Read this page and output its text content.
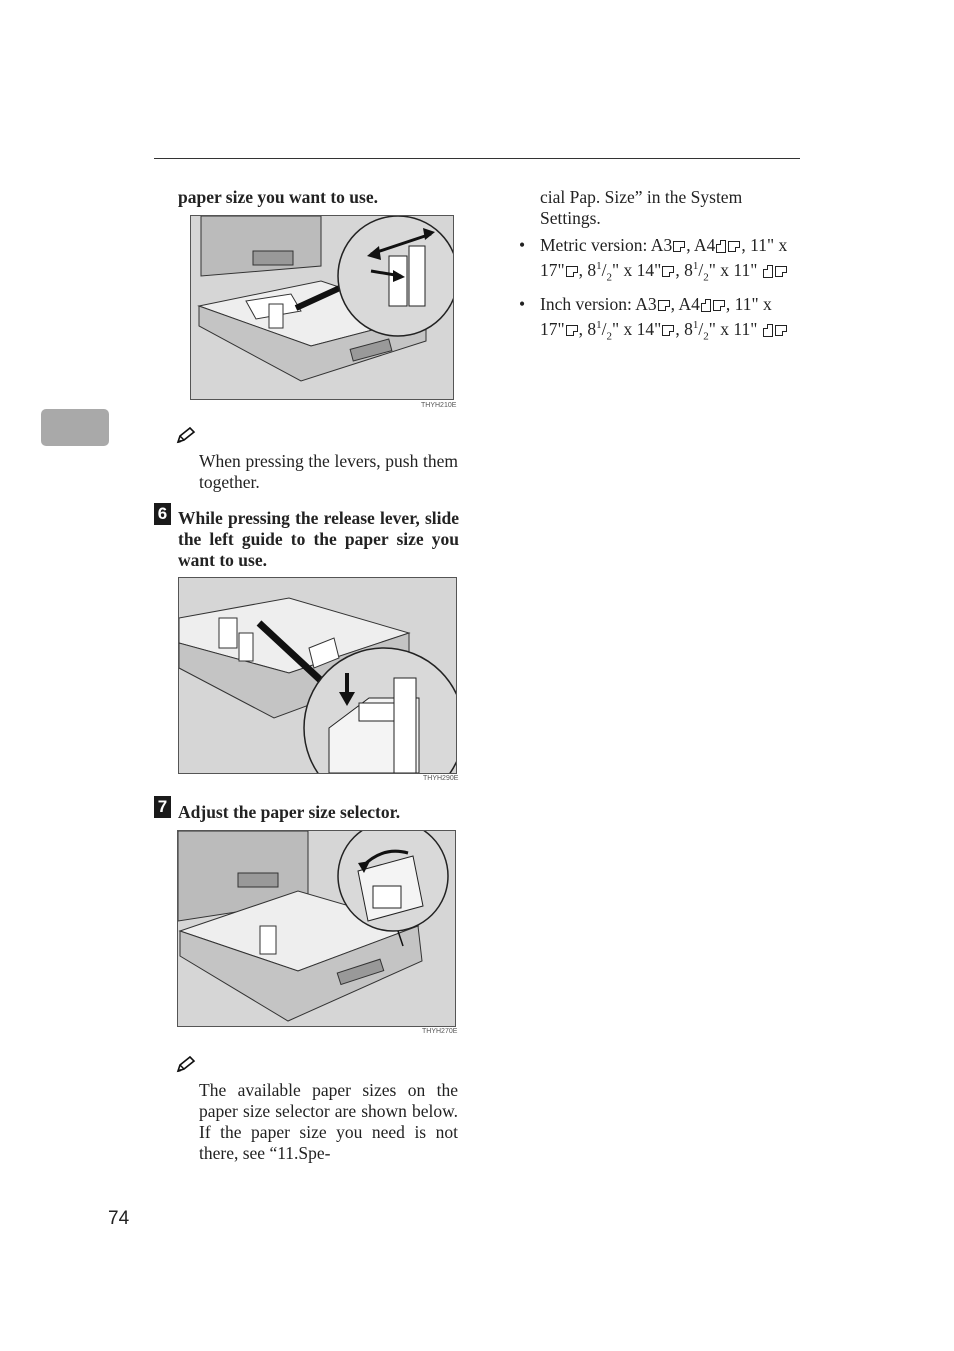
paper size you want to use.
THYH210E
When pressing the levers, push them together.
6 While pressing the release lever, slide the left guide to the paper size you want to use.
THYH290E
7 Adjust the paper size selector.
THYH270E
The available paper sizes on the paper size selector are shown below. If the paper size you need is not there, see “11.Spe-
cial Pap. Size” in the System Settings.
• Metric version: A3 , A4 , 11" x 17" , $8^1/_2$" x 14" , $8^1/_2$" x 11"
• Inch version: A3 , A4 , 11" x 17" , $8^1/_2$" x 14" , $8^1/_2$" x 11"
74
